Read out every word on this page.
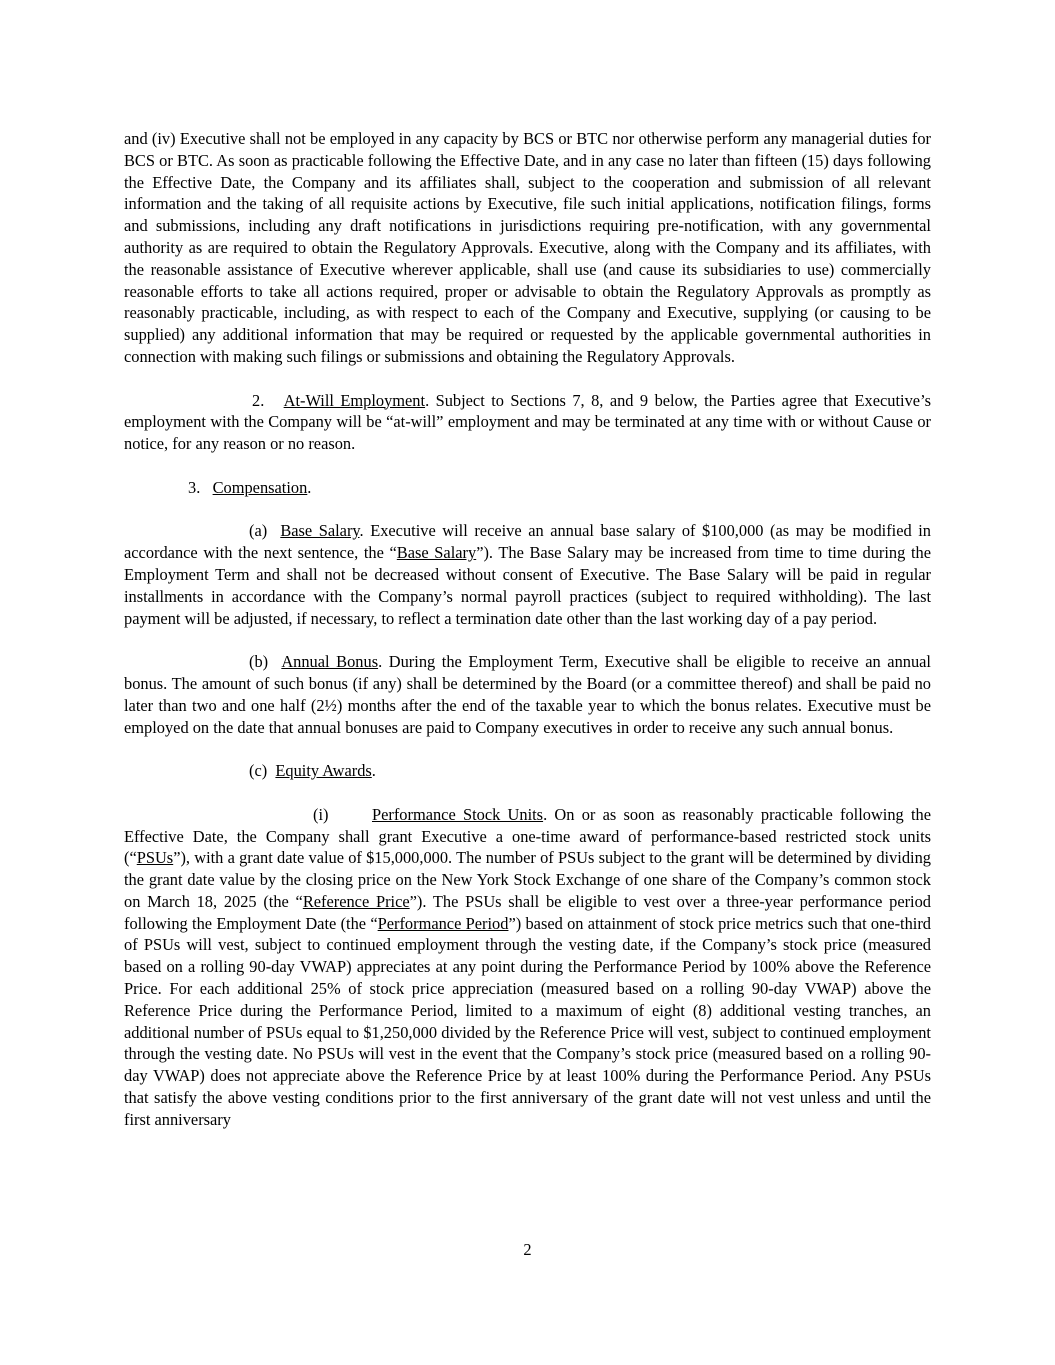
and (iv) Executive shall not be employed in any capacity by BCS or BTC nor otherwise perform any managerial duties for BCS or BTC. As soon as practicable following the Effective Date, and in any case no later than fifteen (15) days following the Effective Date, the Company and its affiliates shall, subject to the cooperation and submission of all relevant information and the taking of all requisite actions by Executive, file such initial applications, notification filings, forms and submissions, including any draft notifications in jurisdictions requiring pre-notification, with any governmental authority as are required to obtain the Regulatory Approvals. Executive, along with the Company and its affiliates, with the reasonable assistance of Executive wherever applicable, shall use (and cause its subsidiaries to use) commercially reasonable efforts to take all actions required, proper or advisable to obtain the Regulatory Approvals as promptly as reasonably practicable, including, as with respect to each of the Company and Executive, supplying (or causing to be supplied) any additional information that may be required or requested by the applicable governmental authorities in connection with making such filings or submissions and obtaining the Regulatory Approvals.

2. At-Will Employment. Subject to Sections 7, 8, and 9 below, the Parties agree that Executive’s employment with the Company will be “at-will” employment and may be terminated at any time with or without Cause or notice, for any reason or no reason.

3. Compensation.

(a) Base Salary. Executive will receive an annual base salary of $100,000 (as may be modified in accordance with the next sentence, the “Base Salary”). The Base Salary may be increased from time to time during the Employment Term and shall not be decreased without consent of Executive. The Base Salary will be paid in regular installments in accordance with the Company’s normal payroll practices (subject to required withholding). The last payment will be adjusted, if necessary, to reflect a termination date other than the last working day of a pay period.

(b) Annual Bonus. During the Employment Term, Executive shall be eligible to receive an annual bonus. The amount of such bonus (if any) shall be determined by the Board (or a committee thereof) and shall be paid no later than two and one half (2½) months after the end of the taxable year to which the bonus relates. Executive must be employed on the date that annual bonuses are paid to Company executives in order to receive any such annual bonus.

(c) Equity Awards.

(i)	Performance Stock Units. On or as soon as reasonably practicable following the Effective Date, the Company shall grant Executive a one-time award of performance-based restricted stock units (“PSUs”), with a grant date value of $15,000,000. The number of PSUs subject to the grant will be determined by dividing the grant date value by the closing price on the New York Stock Exchange of one share of the Company’s common stock on March 18, 2025 (the “Reference Price”). The PSUs shall be eligible to vest over a three-year performance period following the Employment Date (the “Performance Period”) based on attainment of stock price metrics such that one-third of PSUs will vest, subject to continued employment through the vesting date, if the Company’s stock price (measured based on a rolling 90-day VWAP) appreciates at any point during the Performance Period by 100% above the Reference Price. For each additional 25% of stock price appreciation (measured based on a rolling 90-day VWAP) above the Reference Price during the Performance Period, limited to a maximum of eight (8) additional vesting tranches, an additional number of PSUs equal to $1,250,000 divided by the Reference Price will vest, subject to continued employment through the vesting date. No PSUs will vest in the event that the Company’s stock price (measured based on a rolling 90-day VWAP) does not appreciate above the Reference Price by at least 100% during the Performance Period. Any PSUs that satisfy the above vesting conditions prior to the first anniversary of the grant date will not vest unless and until the first anniversary

2
